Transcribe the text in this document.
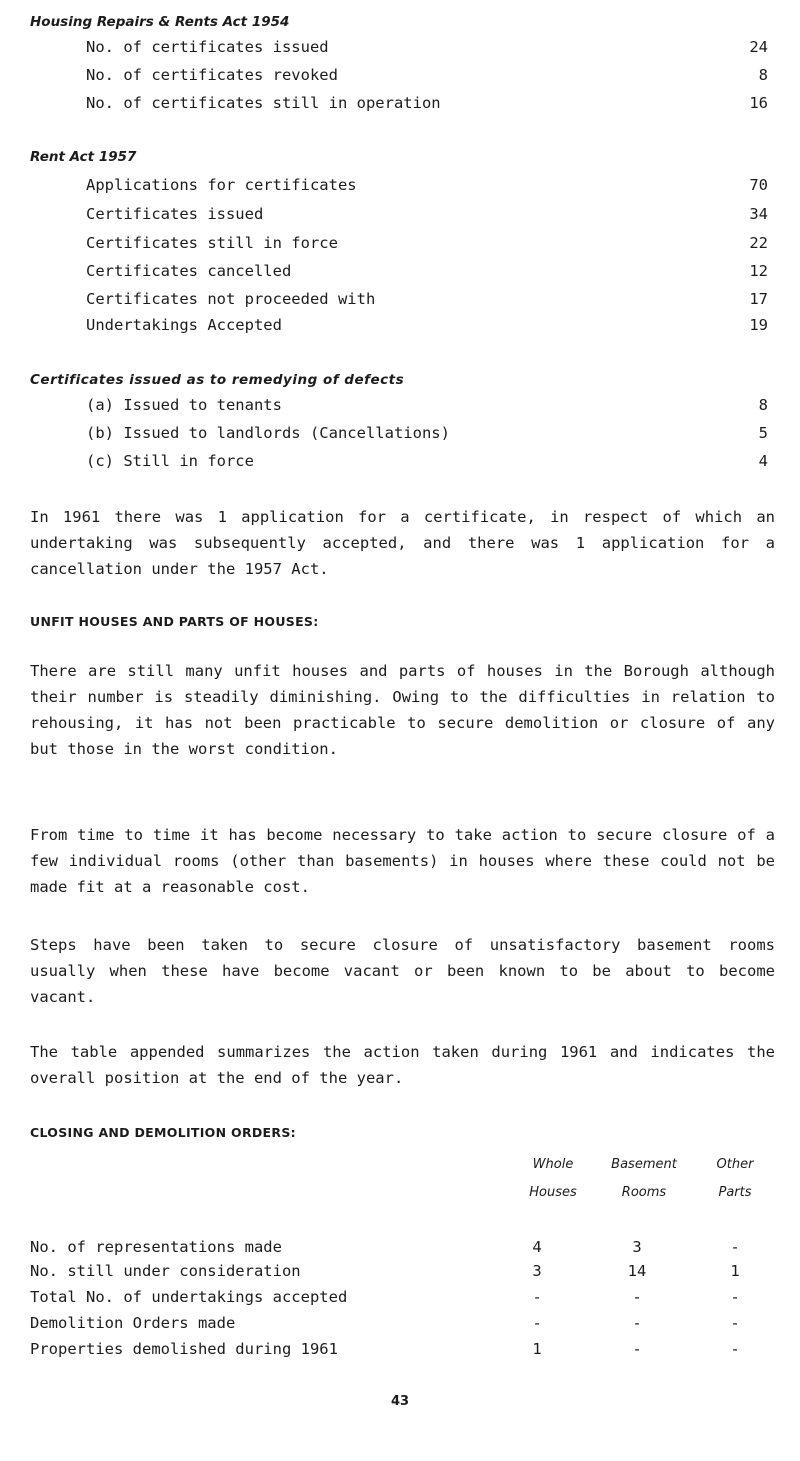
Housing Repairs & Rents Act 1954
No. of certificates issued	24
No. of certificates revoked	8
No. of certificates still in operation	16
Rent Act 1957
Applications for certificates	70
Certificates issued	34
Certificates still in force	22
Certificates cancelled	12
Certificates not proceeded with	17
Undertakings Accepted	19
Certificates issued as to remedying of defects
(a) Issued to tenants	8
(b) Issued to landlords (Cancellations)	5
(c) Still in force	4

In 1961 there was 1 application for a certificate, in respect of which an undertaking was subsequently accepted, and there was 1 application for a cancellation under the 1957 Act.

UNFIT HOUSES AND PARTS OF HOUSES:

There are still many unfit houses and parts of houses in the Borough although their number is steadily diminishing. Owing to the difficulties in relation to rehousing, it has not been practicable to secure demolition or closure of any but those in the worst condition.

From time to time it has become necessary to take action to secure closure of a few individual rooms (other than basements) in houses where these could not be made fit at a reasonable cost.

Steps have been taken to secure closure of unsatisfactory basement rooms usually when these have become vacant or been known to be about to become vacant.

The table appended summarizes the action taken during 1961 and indicates the overall position at the end of the year.

CLOSING AND DEMOLITION ORDERS:
Whole
Houses
Basement
Rooms
Other
Parts
No. of representations made	4	3	-
No. still under consideration	3	14	1
Total No. of undertakings accepted	-	-	-
Demolition Orders made	-	-	-
Properties demolished during 1961	1	-	-
43
